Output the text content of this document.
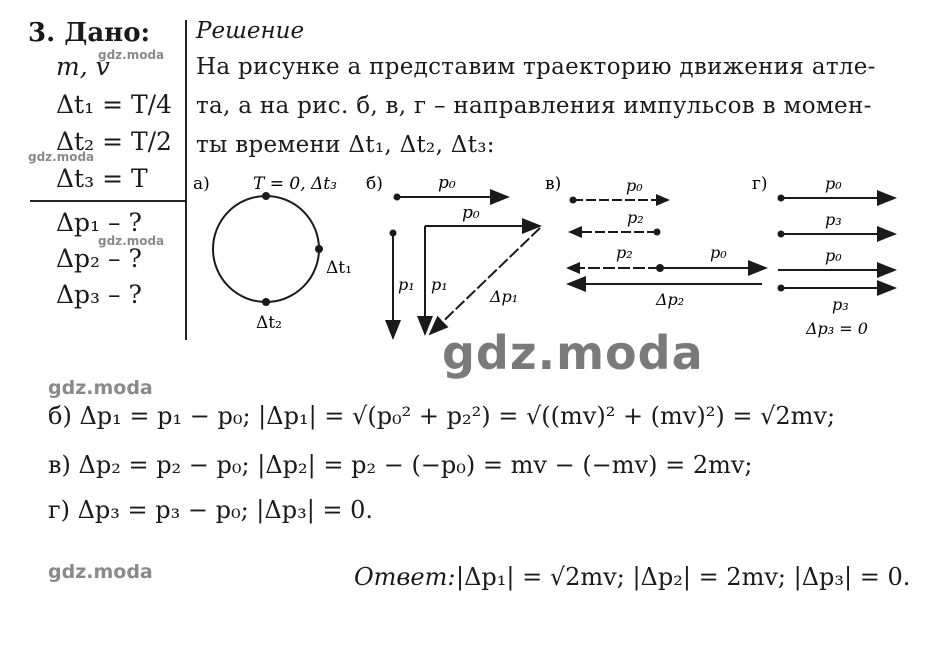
3. Дано:
m, v
Δt₁ = T/4
Δt₂ = T/2
Δt₃ = T
Δp₁ – ?
Δp₂ – ?
Δp₃ – ?
gdz.moda
gdz.moda
gdz.moda
Решение
На рисунке а представим траекторию движения атле-
та, а на рис. б, в, г – направления импульсов в момен-
ты времени Δt₁, Δt₂, Δt₃:
а)	T = 0, Δt₃
Δt₁
Δt₂
б)	p₀
p₀
p₁ p₁
Δp₁
в)	p₀
p₂
p₂	p₀
Δp₂
г)	p₀
p₃
p₀
p₃
Δp₃ = 0
gdz.moda
gdz.moda
б) Δp₁ = p₁ − p₀; |Δp₁| = √(p₀² + p₂²) = √((mv)² + (mv)²) = √2mv;
в) Δp₂ = p₂ − p₀; |Δp₂| = p₂ − (−p₀) = mv − (−mv) = 2mv;
г) Δp₃ = p₃ − p₀; |Δp₃| = 0.
gdz.moda	Ответ: |Δp₁| = √2mv; |Δp₂| = 2mv; |Δp₃| = 0.
